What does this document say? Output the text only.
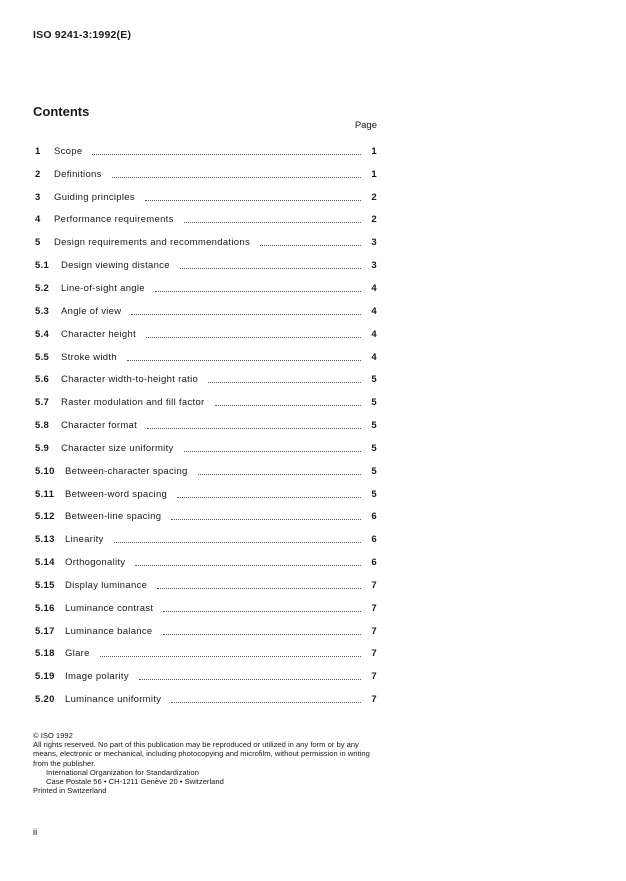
ISO 9241-3:1992(E)
Contents
Page
1	Scope	1
2	Definitions	1
3	Guiding principles	2
4	Performance requirements	2
5	Design requirements and recommendations	3
5.1	Design viewing distance	3
5.2	Line-of-sight angle	4
5.3	Angle of view	4
5.4	Character height	4
5.5	Stroke width	4
5.6	Character width-to-height ratio	5
5.7	Raster modulation and fill factor	5
5.8	Character format	5
5.9	Character size uniformity	5
5.10	Between-character spacing	5
5.11	Between-word spacing	5
5.12	Between-line spacing	6
5.13	Linearity	6
5.14	Orthogonality	6
5.15	Display luminance	7
5.16	Luminance contrast	7
5.17	Luminance balance	7
5.18	Glare	7
5.19	Image polarity	7
5.20	Luminance uniformity	7

© ISO 1992

All rights reserved. No part of this publication may be reproduced or utilized in any form or by any means, electronic or mechanical, including photocopying and microfilm, without permission in writing from the publisher.

International Organization for Standardization

Case Postale 56 • CH-1211 Genève 20 • Switzerland

Printed in Switzerland

ii
